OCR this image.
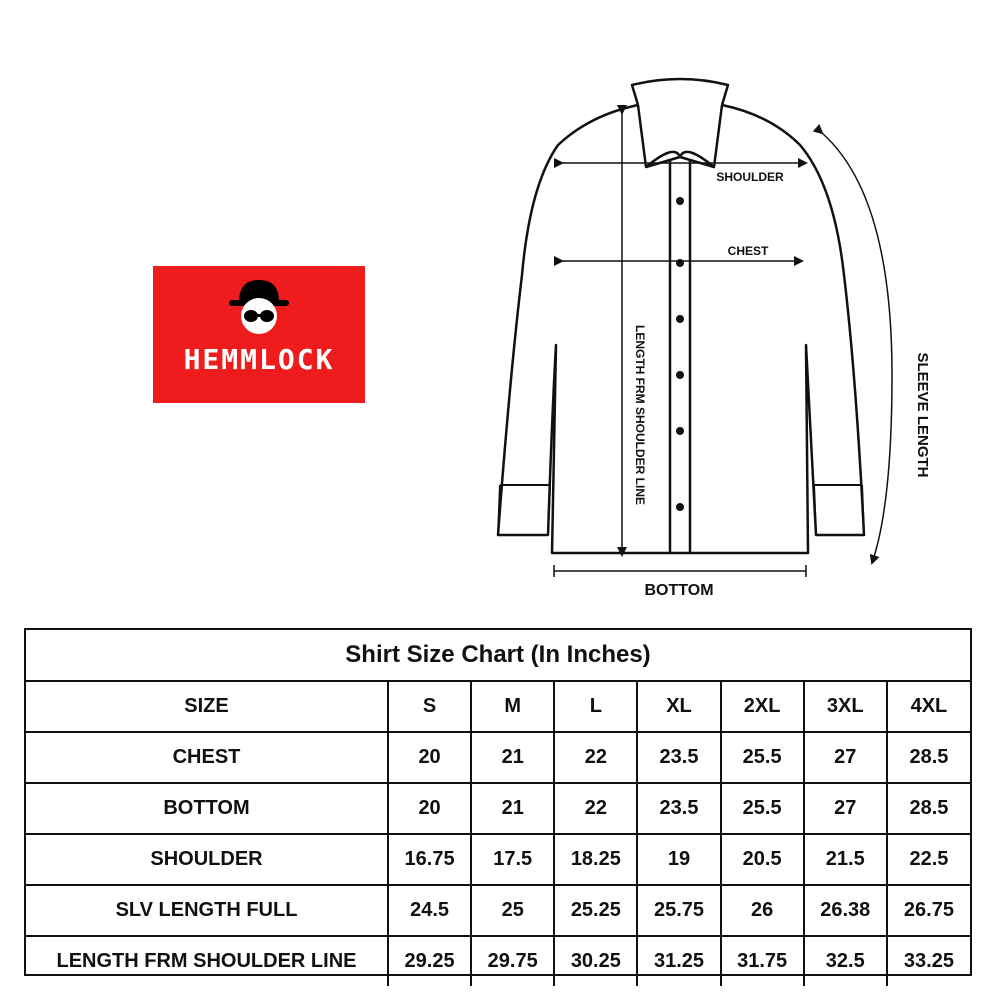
HEMMLOCK
SHOULDER
CHEST
LENGTH FRM SHOULDER LINE	SLEEVE LENGTH
BOTTOM
Shirt Size Chart (In Inches)
SIZE	S	M	L	XL	2XL	3XL	4XL
CHEST	20	21	22	23.5	25.5	27	28.5
BOTTOM	20	21	22	23.5	25.5	27	28.5
SHOULDER	16.75	17.5	18.25	19	20.5	21.5	22.5
SLV LENGTH FULL	24.5	25	25.25	25.75	26	26.38	26.75
LENGTH FRM SHOULDER LINE	29.25	29.75	30.25	31.25	31.75	32.5	33.25
